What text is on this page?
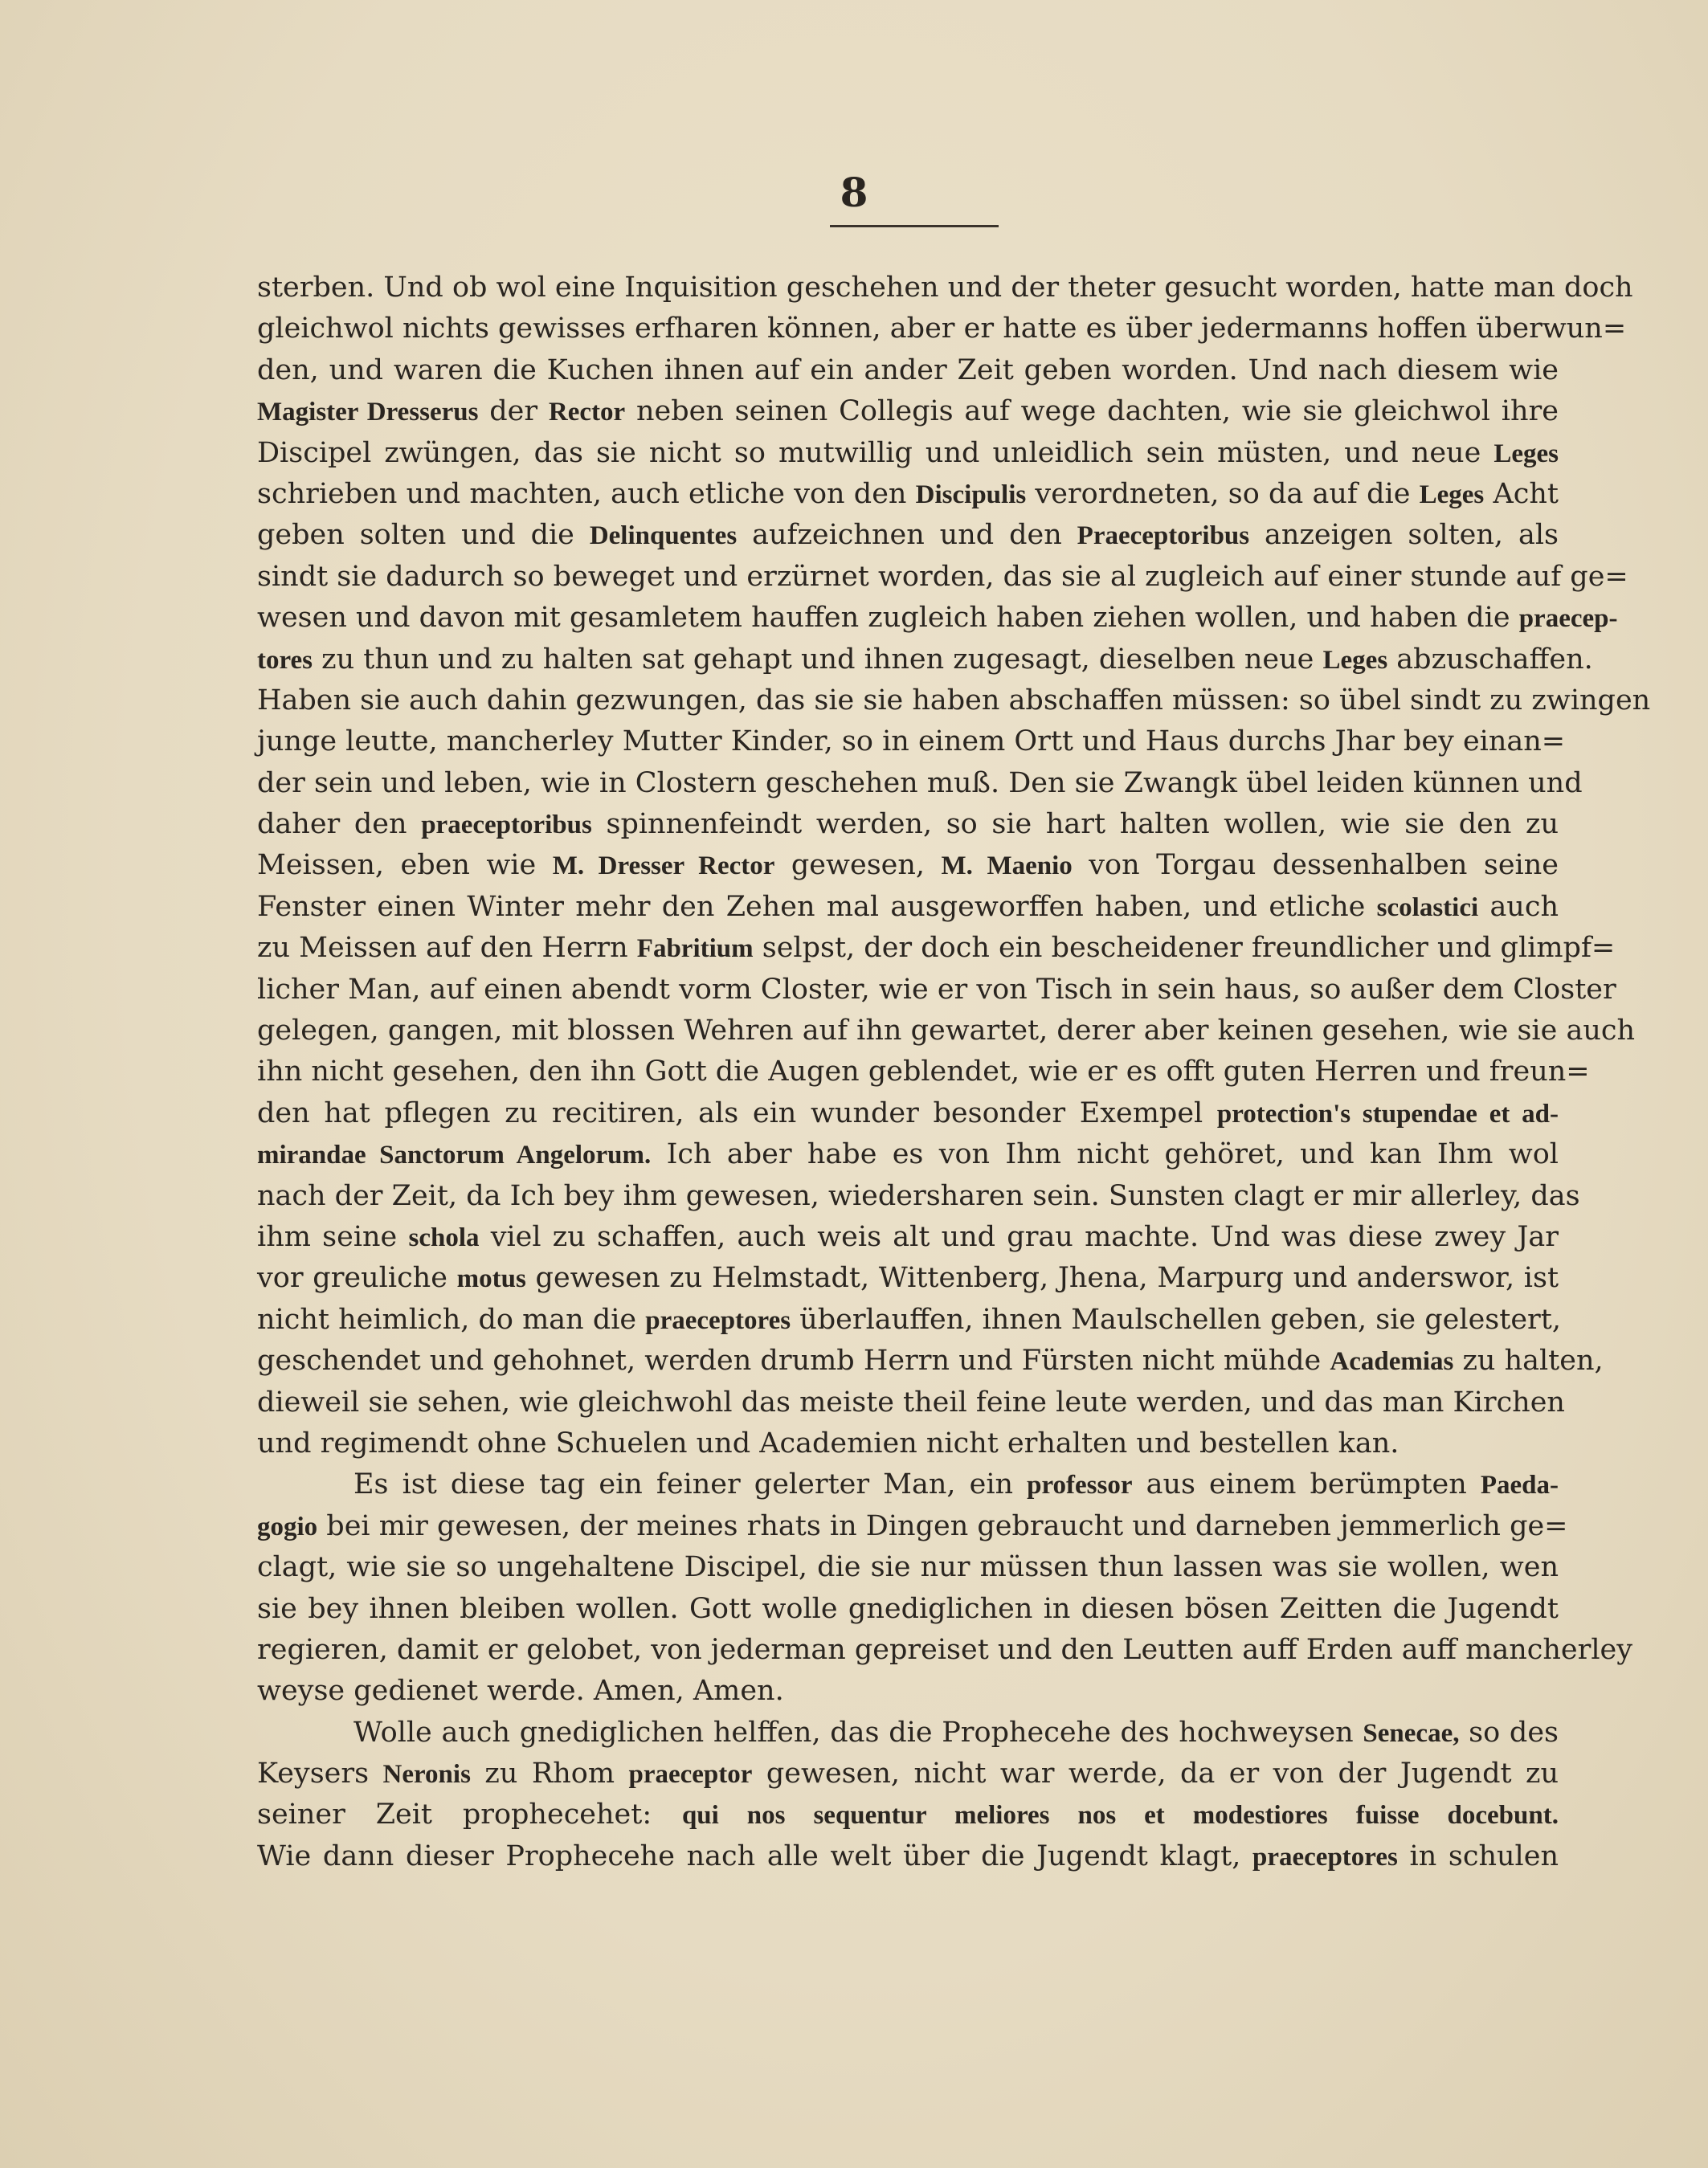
8
sterben. Und ob wol eine Inquisition geschehen und der theter gesucht worden, hatte man doch
gleichwol nichts gewisses erfharen können, aber er hatte es über jedermanns hoffen überwun=
den, und waren die Kuchen ihnen auf ein ander Zeit geben worden. Und nach diesem wie
Magister Dresserus der Rector neben seinen Collegis auf wege dachten, wie sie gleichwol ihre
Discipel zwüngen, das sie nicht so mutwillig und unleidlich sein müsten, und neue Leges
schrieben und machten, auch etliche von den Discipulis verordneten, so da auf die Leges Acht
geben solten und die Delinquentes aufzeichnen und den Praeceptoribus anzeigen solten, als
sindt sie dadurch so beweget und erzürnet worden, das sie al zugleich auf einer stunde auf ge=
wesen und davon mit gesamletem hauffen zugleich haben ziehen wollen, und haben die praecep-
tores zu thun und zu halten sat gehapt und ihnen zugesagt, dieselben neue Leges abzuschaffen.
Haben sie auch dahin gezwungen, das sie sie haben abschaffen müssen: so übel sindt zu zwingen
junge leutte, mancherley Mutter Kinder, so in einem Ortt und Haus durchs Jhar bey einan=
der sein und leben, wie in Clostern geschehen muß. Den sie Zwangk übel leiden künnen und
daher den praeceptoribus spinnenfeindt werden, so sie hart halten wollen, wie sie den zu
Meissen, eben wie M. Dresser Rector gewesen, M. Maenio von Torgau dessenhalben seine
Fenster einen Winter mehr den Zehen mal ausgeworffen haben, und etliche scolastici auch
zu Meissen auf den Herrn Fabritium selpst, der doch ein bescheidener freundlicher und glimpf=
licher Man, auf einen abendt vorm Closter, wie er von Tisch in sein haus, so außer dem Closter
gelegen, gangen, mit blossen Wehren auf ihn gewartet, derer aber keinen gesehen, wie sie auch
ihn nicht gesehen, den ihn Gott die Augen geblendet, wie er es offt guten Herren und freun=
den hat pflegen zu recitiren, als ein wunder besonder Exempel protection's stupendae et ad-
mirandae Sanctorum Angelorum. Ich aber habe es von Ihm nicht gehöret, und kan Ihm wol
nach der Zeit, da Ich bey ihm gewesen, wiedersharen sein. Sunsten clagt er mir allerley, das
ihm seine schola viel zu schaffen, auch weis alt und grau machte. Und was diese zwey Jar
vor greuliche motus gewesen zu Helmstadt, Wittenberg, Jhena, Marpurg und anderswor, ist
nicht heimlich, do man die praeceptores überlauffen, ihnen Maulschellen geben, sie gelestert,
geschendet und gehohnet, werden drumb Herrn und Fürsten nicht mühde Academias zu halten,
dieweil sie sehen, wie gleichwohl das meiste theil feine leute werden, und das man Kirchen
und regimendt ohne Schuelen und Academien nicht erhalten und bestellen kan.
Es ist diese tag ein feiner gelerter Man, ein professor aus einem berümpten Paeda-
gogio bei mir gewesen, der meines rhats in Dingen gebraucht und darneben jemmerlich ge=
clagt, wie sie so ungehaltene Discipel, die sie nur müssen thun lassen was sie wollen, wen
sie bey ihnen bleiben wollen. Gott wolle gnediglichen in diesen bösen Zeitten die Jugendt
regieren, damit er gelobet, von jederman gepreiset und den Leutten auff Erden auff mancherley
weyse gedienet werde. Amen, Amen.
Wolle auch gnediglichen helffen, das die Prophecehe des hochweysen Senecae, so des
Keysers Neronis zu Rhom praeceptor gewesen, nicht war werde, da er von der Jugendt zu
seiner Zeit prophecehet: qui nos sequentur meliores nos et modestiores fuisse docebunt.
Wie dann dieser Prophecehe nach alle welt über die Jugendt klagt, praeceptores in schulen
